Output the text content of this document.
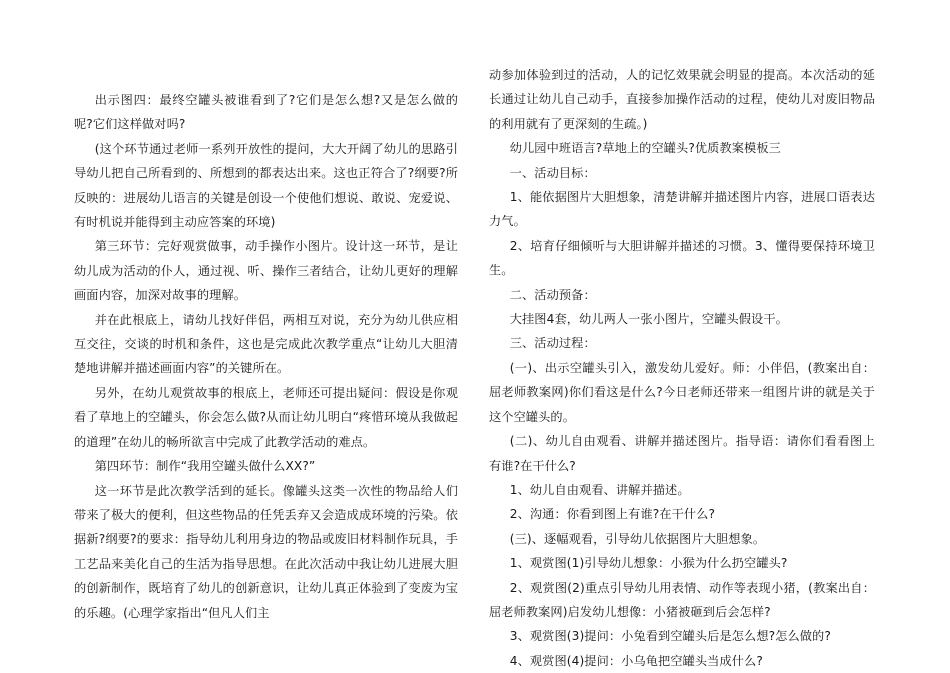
出示图四：最终空罐头被谁看到了?它们是怎么想?又是怎么做的呢?它们这样做对吗?

(这个环节通过老师一系列开放性的提问，大大开阔了幼儿的思路引导幼儿把自己所看到的、所想到的都表达出来。这也正符合了?纲要?所反映的：进展幼儿语言的关键是创设一个使他们想说、敢说、宠爱说、有时机说并能得到主动应答案的环境)

第三环节：完好观赏做事，动手操作小图片。设计这一环节，是让幼儿成为活动的仆人，通过视、听、操作三者结合，让幼儿更好的理解画面内容，加深对故事的理解。

并在此根底上，请幼儿找好伴侣，两相互对说，充分为幼儿供应相互交往，交谈的时机和条件，这也是完成此次教学重点“让幼儿大胆清楚地讲解并描述画面内容”的关键所在。

另外，在幼儿观赏故事的根底上，老师还可提出疑问：假设是你观看了草地上的空罐头，你会怎么做?从而让幼儿明白“疼惜环境从我做起的道理”在幼儿的畅所欲言中完成了此教学活动的难点。

第四环节：制作“我用空罐头做什么XX?”

这一环节是此次教学活到的延长。像罐头这类一次性的物品给人们带来了极大的便利，但这些物品的任凭丢弃又会造成成环境的污染。依据新?纲要?的要求：指导幼儿利用身边的物品或废旧材料制作玩具，手工艺品来美化自己的生活为指导思想。在此次活动中我让幼儿进展大胆的创新制作，既培育了幼儿的创新意识，让幼儿真正体验到了变废为宝的乐趣。(心理学家指出“但凡人们主

动参加体验到过的活动，人的记忆效果就会明显的提高。本次活动的延长通过让幼儿自己动手，直接参加操作活动的过程，使幼儿对废旧物品的利用就有了更深刻的生疏。)

幼儿园中班语言?草地上的空罐头?优质教案模板三

一、活动目标：

1、能依据图片大胆想象，清楚讲解并描述图片内容，进展口语表达力气。

2、培育仔细倾听与大胆讲解并描述的习惯。3、懂得要保持环境卫生。

二、活动预备：

大挂图4套，幼儿两人一张小图片，空罐头假设干。

三、活动过程：

(一)、出示空罐头引入，激发幼儿爱好。师：小伴侣，(教案出自：屈老师教案网)你们看这是什么?今日老师还带来一组图片讲的就是关于这个空罐头的。

(二)、幼儿自由观看、讲解并描述图片。指导语：请你们看看图上有谁?在干什么?

1、幼儿自由观看、讲解并描述。

2、沟通：你看到图上有谁?在干什么?

(三)、逐幅观看，引导幼儿依据图片大胆想象。

1、观赏图(1)引导幼儿想象：小猴为什么扔空罐头?

2、观赏图(2)重点引导幼儿用表情、动作等表现小猪，(教案出自：屈老师教案网)启发幼儿想像：小猪被砸到后会怎样?

3、观赏图(3)提问：小兔看到空罐头后是怎么想?怎么做的?

4、观赏图(4)提问：小乌龟把空罐头当成什么?
